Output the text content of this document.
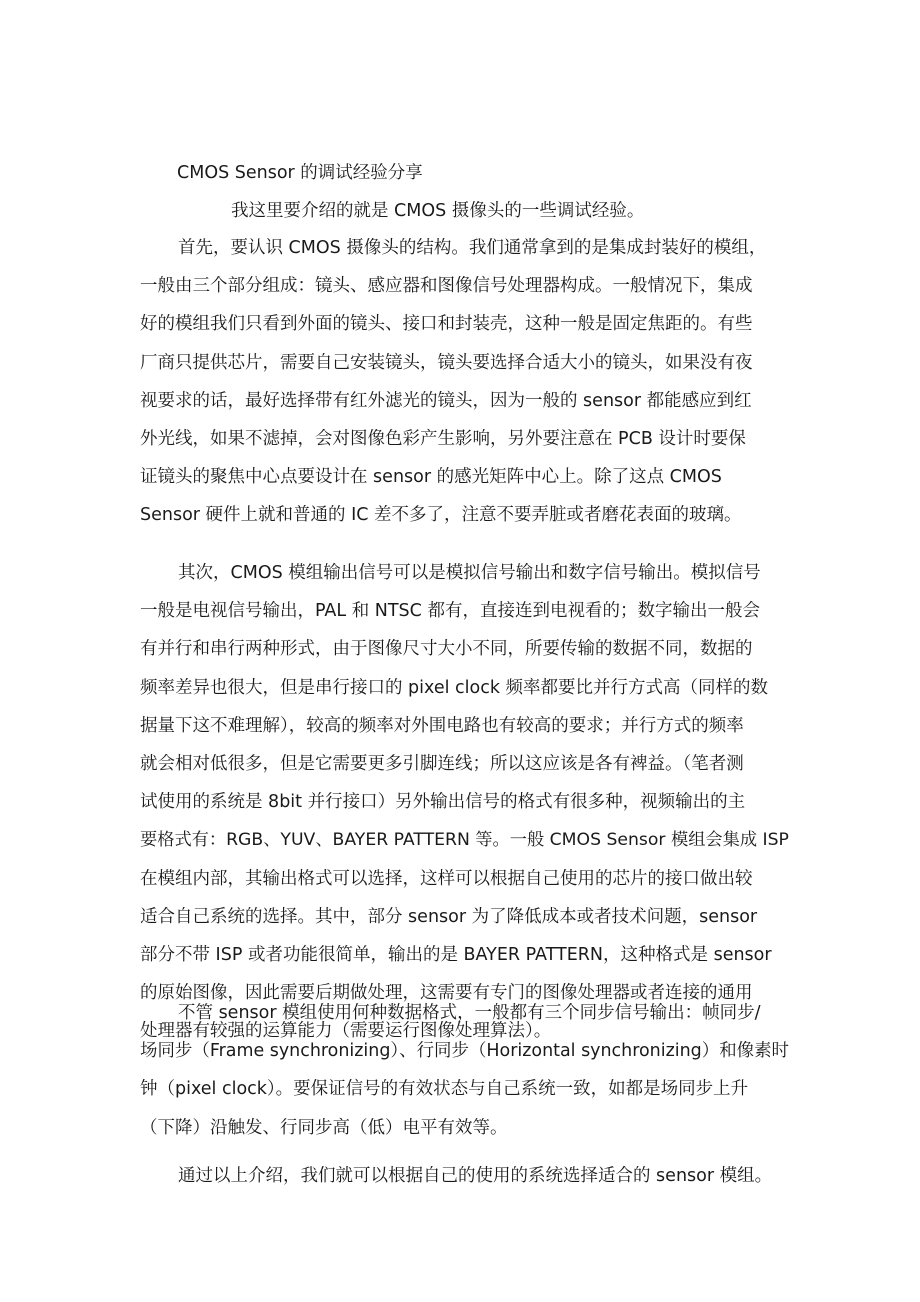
CMOS Sensor 的调试经验分享
我这里要介绍的就是 CMOS 摄像头的一些调试经验。
首先，要认识 CMOS 摄像头的结构。我们通常拿到的是集成封装好的模组，
一般由三个部分组成：镜头、感应器和图像信号处理器构成。一般情况下，集成
好的模组我们只看到外面的镜头、接口和封装壳，这种一般是固定焦距的。有些
厂商只提供芯片，需要自己安装镜头，镜头要选择合适大小的镜头，如果没有夜
视要求的话，最好选择带有红外滤光的镜头，因为一般的 sensor 都能感应到红
外光线，如果不滤掉，会对图像色彩产生影响，另外要注意在 PCB 设计时要保
证镜头的聚焦中心点要设计在 sensor 的感光矩阵中心上。除了这点 CMOS
Sensor 硬件上就和普通的 IC 差不多了，注意不要弄脏或者磨花表面的玻璃。
其次，CMOS 模组输出信号可以是模拟信号输出和数字信号输出。模拟信号
一般是电视信号输出，PAL 和 NTSC 都有，直接连到电视看的；数字输出一般会
有并行和串行两种形式，由于图像尺寸大小不同，所要传输的数据不同，数据的
频率差异也很大，但是串行接口的 pixel clock 频率都要比并行方式高（同样的数
据量下这不难理解），较高的频率对外围电路也有较高的要求；并行方式的频率
就会相对低很多，但是它需要更多引脚连线；所以这应该是各有裨益。（笔者测
试使用的系统是 8bit 并行接口）另外输出信号的格式有很多种，视频输出的主
要格式有：RGB、YUV、BAYER PATTERN 等。一般 CMOS Sensor 模组会集成 ISP
在模组内部，其输出格式可以选择，这样可以根据自己使用的芯片的接口做出较
适合自己系统的选择。其中，部分 sensor 为了降低成本或者技术问题，sensor
部分不带 ISP 或者功能很简单，输出的是 BAYER PATTERN，这种格式是 sensor
的原始图像，因此需要后期做处理，这需要有专门的图像处理器或者连接的通用
处理器有较强的运算能力（需要运行图像处理算法）。
不管 sensor 模组使用何种数据格式，一般都有三个同步信号输出：帧同步/
场同步（Frame synchronizing）、行同步（Horizontal synchronizing）和像素时
钟（pixel clock）。要保证信号的有效状态与自己系统一致，如都是场同步上升
（下降）沿触发、行同步高（低）电平有效等。
通过以上介绍，我们就可以根据自己的使用的系统选择适合的 sensor 模组。
